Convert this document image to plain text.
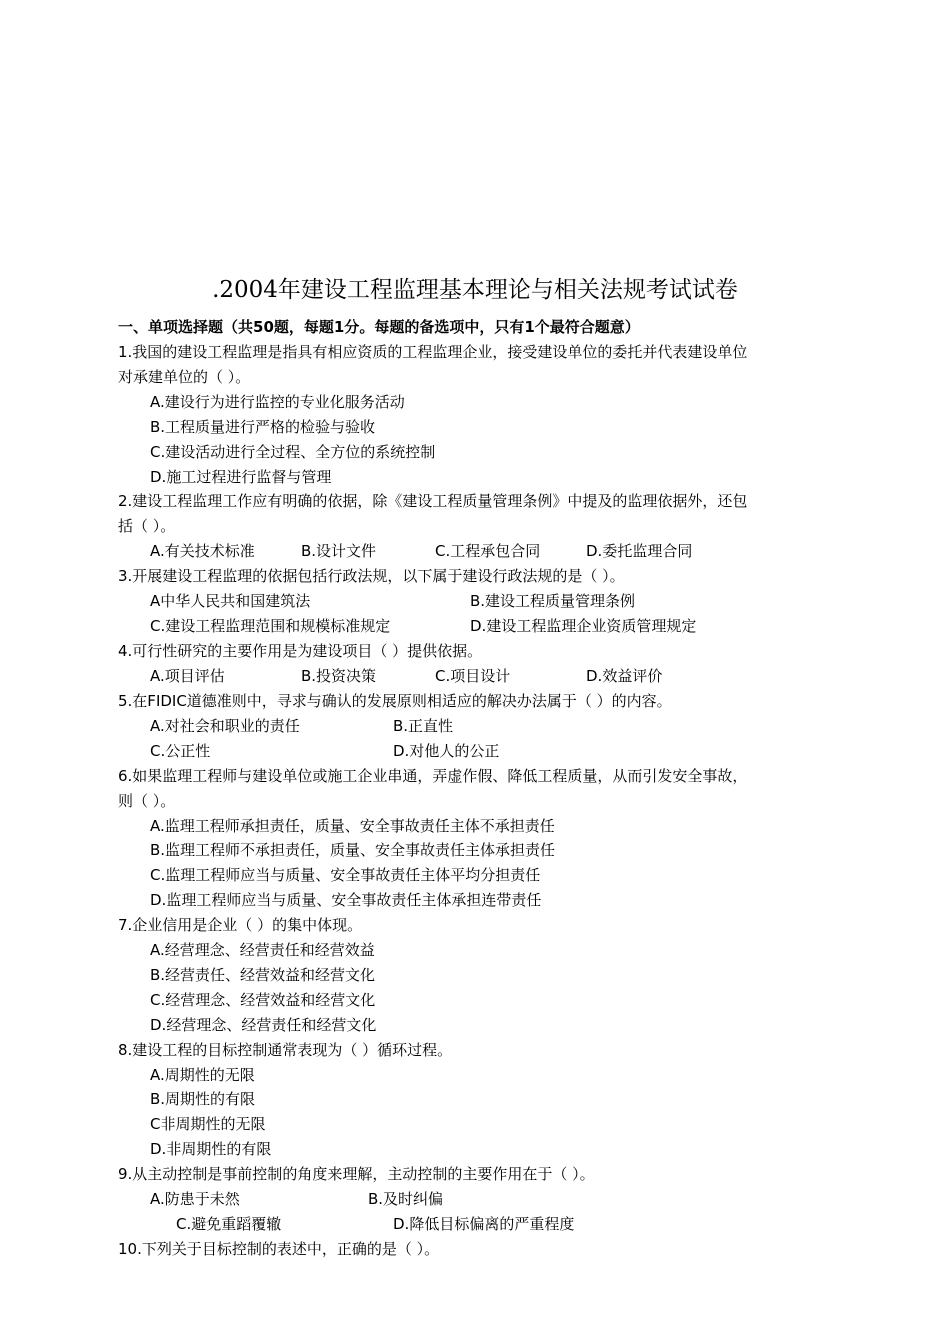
.2004年建设工程监理基本理论与相关法规考试试卷
一、单项选择题（共50题，每题1分。每题的备选项中，只有1个最符合题意）
1.我国的建设工程监理是指具有相应资质的工程监理企业，接受建设单位的委托并代表建设单位
对承建单位的（ ）。
A.建设行为进行监控的专业化服务活动
B.工程质量进行严格的检验与验收
C.建设活动进行全过程、全方位的系统控制
D.施工过程进行监督与管理
2.建设工程监理工作应有明确的依据，除《建设工程质量管理条例》中提及的监理依据外，还包
括（ ）。
A.有关技术标准	B.设计文件	C.工程承包合同	D.委托监理合同
3.开展建设工程监理的依据包括行政法规，以下属于建设行政法规的是（ ）。
A中华人民共和国建筑法	B.建设工程质量管理条例
C.建设工程监理范围和规模标准规定	D.建设工程监理企业资质管理规定
4.可行性研究的主要作用是为建设项目（ ）提供依据。
A.项目评估	B.投资决策	C.项目设计	D.效益评价
5.在FIDIC道德准则中，寻求与确认的发展原则相适应的解决办法属于（ ）的内容。
A.对社会和职业的责任	B.正直性
C.公正性	D.对他人的公正
6.如果监理工程师与建设单位或施工企业串通，弄虚作假、降低工程质量，从而引发安全事故，
则（ ）。
A.监理工程师承担责任，质量、安全事故责任主体不承担责任
B.监理工程师不承担责任，质量、安全事故责任主体承担责任
C.监理工程师应当与质量、安全事故责任主体平均分担责任
D.监理工程师应当与质量、安全事故责任主体承担连带责任
7.企业信用是企业（ ）的集中体现。
A.经营理念、经营责任和经营效益
B.经营责任、经营效益和经营文化
C.经营理念、经营效益和经营文化
D.经营理念、经营责任和经营文化
8.建设工程的目标控制通常表现为（ ）循环过程。
A.周期性的无限
B.周期性的有限
C非周期性的无限
D.非周期性的有限
9.从主动控制是事前控制的角度来理解，主动控制的主要作用在于（ ）。
A.防患于未然	B.及时纠偏
C.避免重蹈覆辙	D.降低目标偏离的严重程度
10.下列关于目标控制的表述中，正确的是（ ）。
